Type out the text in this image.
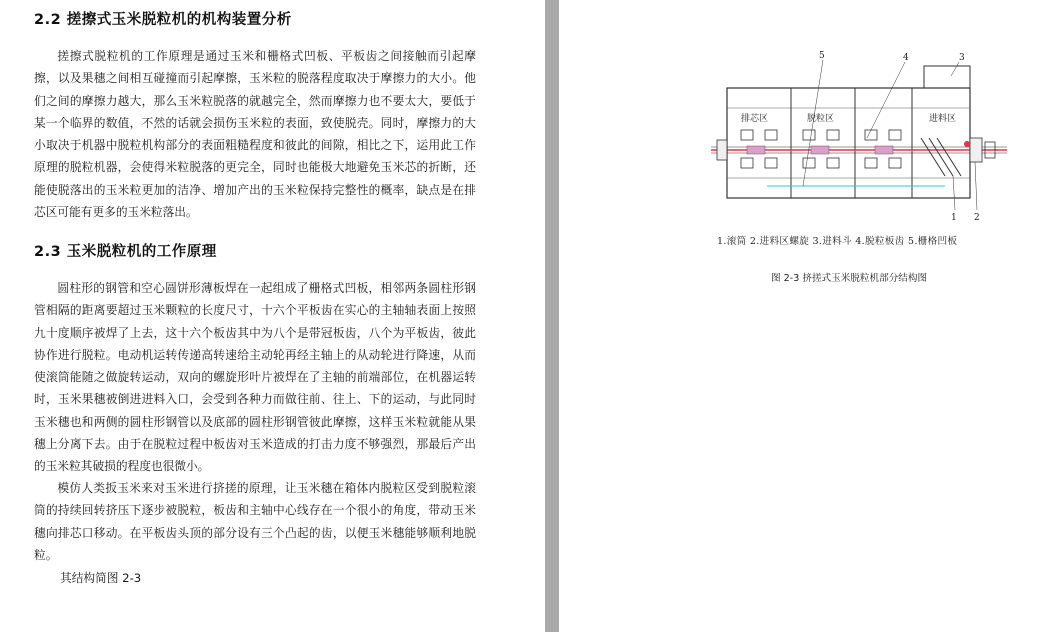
2.2 搓擦式玉米脱粒机的机构装置分析

搓擦式脱粒机的工作原理是通过玉米和栅格式凹板、平板齿之间接触而引起摩擦，以及果穗之间相互碰撞而引起摩擦，玉米粒的脱落程度取决于摩擦力的大小。他们之间的摩擦力越大，那么玉米粒脱落的就越完全，然而摩擦力也不要太大，要低于某一个临界的数值，不然的话就会损伤玉米粒的表面，致使脱壳。同时，摩擦力的大小取决于机器中脱粒机构部分的表面粗糙程度和彼此的间隙，相比之下，运用此工作原理的脱粒机器，会使得米粒脱落的更完全，同时也能极大地避免玉米芯的折断，还能使脱落出的玉米粒更加的洁净、增加产出的玉米粒保持完整性的概率，缺点是在排芯区可能有更多的玉米粒落出。

2.3 玉米脱粒机的工作原理

圆柱形的钢管和空心圆饼形薄板焊在一起组成了栅格式凹板，相邻两条圆柱形钢管相隔的距离要超过玉米颗粒的长度尺寸，十六个平板齿在实心的主轴轴表面上按照九十度顺序被焊了上去，这十六个板齿其中为八个是带冠板齿，八个为平板齿，彼此协作进行脱粒。电动机运转传递高转速给主动轮再经主轴上的从动轮进行降速，从而使滚筒能随之做旋转运动，双向的螺旋形叶片被焊在了主轴的前端部位，在机器运转时，玉米果穗被倒进进料入口，会受到各种力而做往前、往上、下的运动，与此同时玉米穗也和两侧的圆柱形钢管以及底部的圆柱形钢管彼此摩擦，这样玉米粒就能从果穗上分离下去。由于在脱粒过程中板齿对玉米造成的打击力度不够强烈，那最后产出的玉米粒其破损的程度也很微小。

模仿人类扳玉米来对玉米进行挤搓的原理，让玉米穗在箱体内脱粒区受到脱粒滚筒的持续回转挤压下逐步被脱粒，板齿和主轴中心线存在一个很小的角度，带动玉米穗向排芯口移动。在平板齿头顶的部分设有三个凸起的齿，以便玉米穗能够顺利地脱粒。

其结构简图 2-3
排芯区	脱粒区	进料区
5	4	3
1 2
1.滚筒 2.进料区螺旋 3.进料斗 4.脱粒板齿 5.栅格凹板
图 2-3 挤搓式玉米脱粒机部分结构图
